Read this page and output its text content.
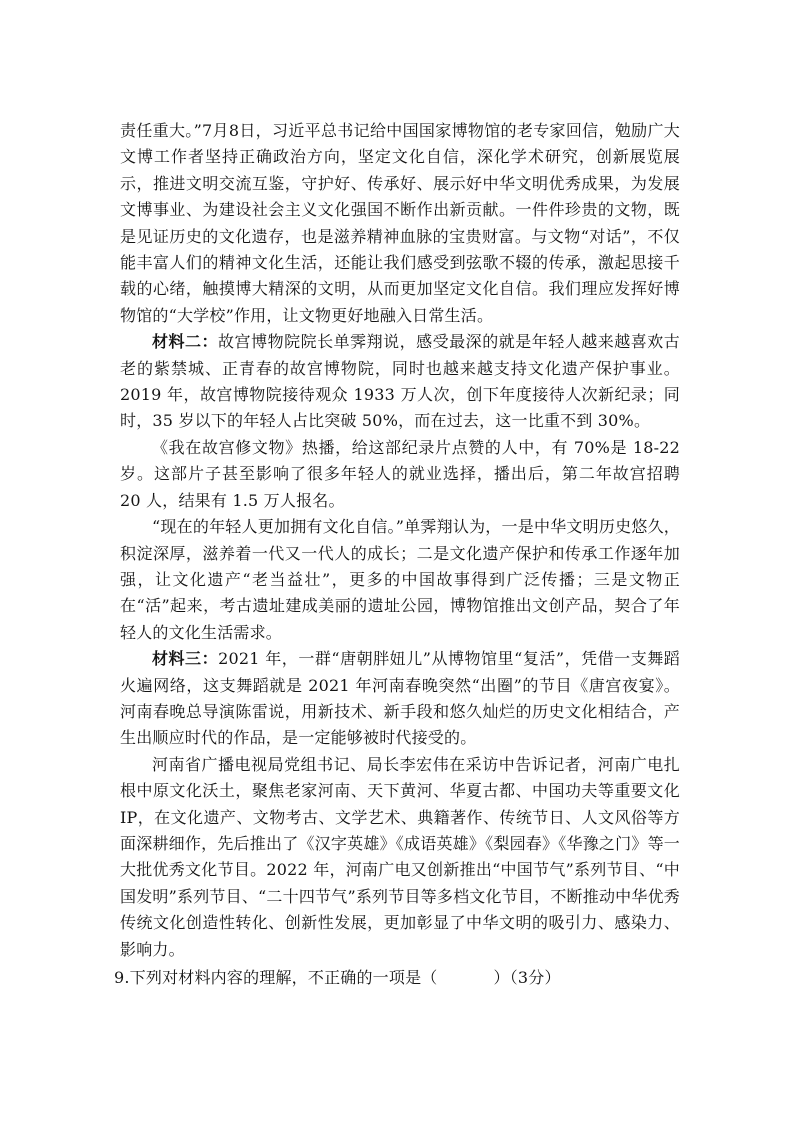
责任重大。”7月8日，习近平总书记给中国国家博物馆的老专家回信，勉励广大文博工作者坚持正确政治方向，坚定文化自信，深化学术研究，创新展览展示，推进文明交流互鉴，守护好、传承好、展示好中华文明优秀成果，为发展文博事业、为建设社会主义文化强国不断作出新贡献。一件件珍贵的文物，既是见证历史的文化遗存，也是滋养精神血脉的宝贵财富。与文物“对话”，不仅能丰富人们的精神文化生活，还能让我们感受到弦歌不辍的传承，激起思接千载的心绪，触摸博大精深的文明，从而更加坚定文化自信。我们理应发挥好博物馆的“大学校”作用，让文物更好地融入日常生活。

材料二：故宫博物院院长单霁翔说，感受最深的就是年轻人越来越喜欢古老的紫禁城、正青春的故宫博物院，同时也越来越支持文化遗产保护事业。2019 年，故宫博物院接待观众 1933 万人次，创下年度接待人次新纪录；同时，35 岁以下的年轻人占比突破 50%，而在过去，这一比重不到 30%。

《我在故宫修文物》热播，给这部纪录片点赞的人中，有 70%是 18-22 岁。这部片子甚至影响了很多年轻人的就业选择，播出后，第二年故宫招聘 20 人，结果有 1.5 万人报名。

“现在的年轻人更加拥有文化自信。”单霁翔认为，一是中华文明历史悠久，积淀深厚，滋养着一代又一代人的成长；二是文化遗产保护和传承工作逐年加强，让文化遗产“老当益壮”，更多的中国故事得到广泛传播；三是文物正在“活”起来，考古遗址建成美丽的遗址公园，博物馆推出文创产品，契合了年轻人的文化生活需求。

材料三：2021 年，一群“唐朝胖妞儿”从博物馆里“复活”，凭借一支舞蹈火遍网络，这支舞蹈就是 2021 年河南春晚突然“出圈”的节目《唐宫夜宴》。河南春晚总导演陈雷说，用新技术、新手段和悠久灿烂的历史文化相结合，产生出顺应时代的作品，是一定能够被时代接受的。

河南省广播电视局党组书记、局长李宏伟在采访中告诉记者，河南广电扎根中原文化沃土，聚焦老家河南、天下黄河、华夏古都、中国功夫等重要文化 IP，在文化遗产、文物考古、文学艺术、典籍著作、传统节日、人文风俗等方面深耕细作，先后推出了《汉字英雄》《成语英雄》《梨园春》《华豫之门》等一大批优秀文化节目。2022 年，河南广电又创新推出“中国节气”系列节目、“中国发明”系列节目、“二十四节气”系列节目等多档文化节目，不断推动中华优秀传统文化创造性转化、创新性发展，更加彰显了中华文明的吸引力、感染力、影响力。

9.下列对材料内容的理解，不正确的一项是（	）（3分）
